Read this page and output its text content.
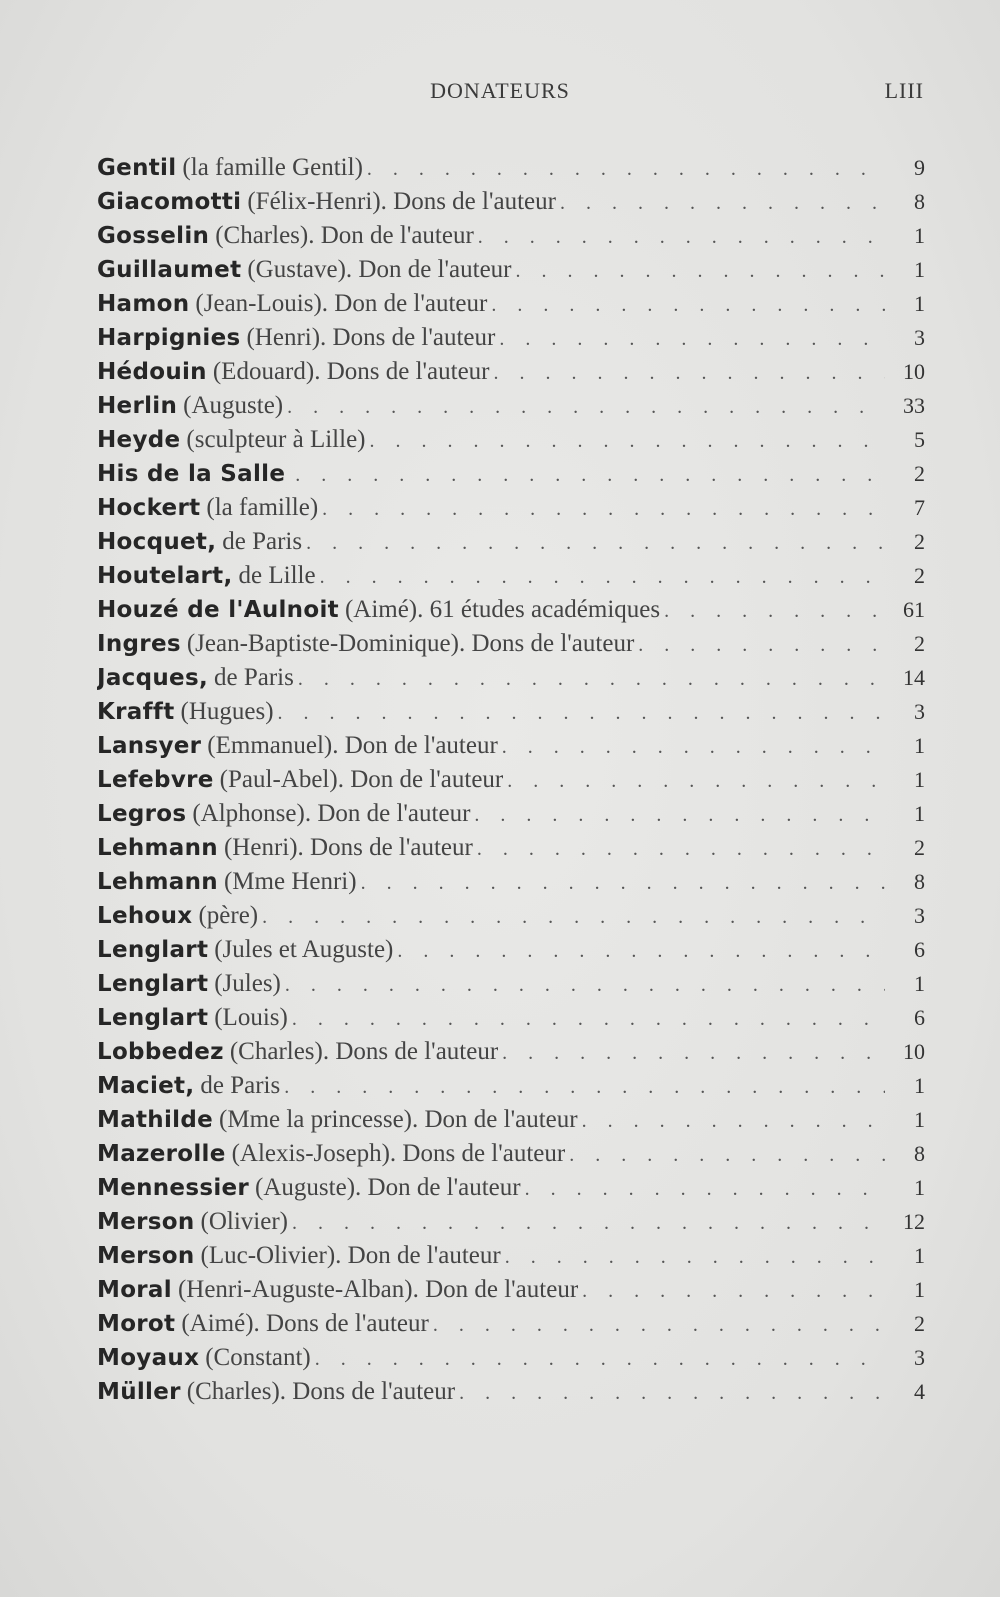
DONATEURS	LIII
Gentil (la famille Gentil) . . .	9
Giacomotti (Félix-Henri). Dons de l'auteur . . .	8
Gosselin (Charles). Don de l'auteur . . .	1
Guillaumet (Gustave). Don de l'auteur . . .	1
Hamon (Jean-Louis). Don de l'auteur . . .	1
Harpignies (Henri). Dons de l'auteur . . .	3
Hédouin (Edouard). Dons de l'auteur . . .	10
Herlin (Auguste) . . .	33
Heyde (sculpteur à Lille) . . .	5
His de la Salle . . .	2
Hockert (la famille) . . .	7
Hocquet, de Paris . . .	2
Houtelart, de Lille . . .	2
Houzé de l'Aulnoit (Aimé). 61 études académiques . . .	61
Ingres (Jean-Baptiste-Dominique). Dons de l'auteur . . .	2
Jacques, de Paris . . .	14
Krafft (Hugues) . . .	3
Lansyer (Emmanuel). Don de l'auteur . . .	1
Lefebvre (Paul-Abel). Don de l'auteur . . .	1
Legros (Alphonse). Don de l'auteur . . .	1
Lehmann (Henri). Dons de l'auteur . . .	2
Lehmann (Mme Henri) . . .	8
Lehoux (père) . . .	3
Lenglart (Jules et Auguste) . . .	6
Lenglart (Jules) . . .	1
Lenglart (Louis) . . .	6
Lobbedez (Charles). Dons de l'auteur . . .	10
Maciet, de Paris . . .	1
Mathilde (Mme la princesse). Don de l'auteur . . .	1
Mazerolle (Alexis-Joseph). Dons de l'auteur . . .	8
Mennessier (Auguste). Don de l'auteur . . .	1
Merson (Olivier) . . .	12
Merson (Luc-Olivier). Don de l'auteur . . .	1
Moral (Henri-Auguste-Alban). Don de l'auteur . . .	1
Morot (Aimé). Dons de l'auteur . . .	2
Moyaux (Constant) . . .	3
Müller (Charles). Dons de l'auteur . . .	4
